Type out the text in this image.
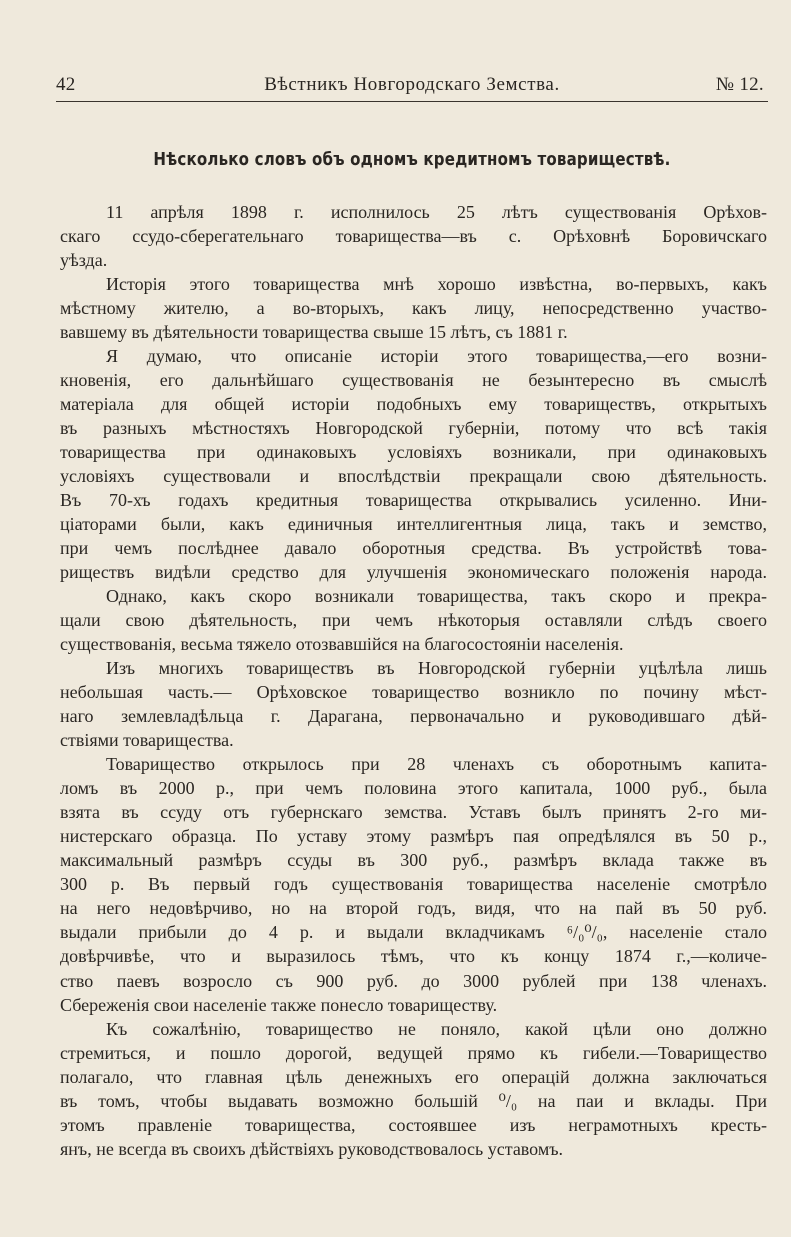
42	Вѣстникъ Новгородскаго Земства.	№ 12.
Нѣсколько словъ объ одномъ кредитномъ товариществѣ.
11 апрѣля 1898 г. исполнилось 25 лѣтъ существованія Орѣхов-
скаго ссудо-сберегательнаго товарищества—въ с. Орѣховнѣ Боровичскаго
уѣзда.
Исторія этого товарищества мнѣ хорошо извѣстна, во-первыхъ, какъ
мѣстному жителю, а во-вторыхъ, какъ лицу, непосредственно участво-
вавшему въ дѣятельности товарищества свыше 15 лѣтъ, съ 1881 г.
Я думаю, что описаніе исторіи этого товарищества,—его возни-
кновенія, его дальнѣйшаго существованія не безынтересно въ смыслѣ
матеріала для общей исторіи подобныхъ ему товариществъ, открытыхъ
въ разныхъ мѣстностяхъ Новгородской губерніи, потому что всѣ такія
товарищества при одинаковыхъ условіяхъ возникали, при одинаковыхъ
условіяхъ существовали и впослѣдствіи прекращали свою дѣятельность.
Въ 70-хъ годахъ кредитныя товарищества открывались усиленно. Ини-
ціаторами были, какъ единичныя интеллигентныя лица, такъ и земство,
при чемъ послѣднее давало оборотныя средства. Въ устройствѣ това-
риществъ видѣли средство для улучшенія экономическаго положенія народа.
Однако, какъ скоро возникали товарищества, такъ скоро и прекра-
щали свою дѣятельность, при чемъ нѣкоторыя оставляли слѣдъ своего
существованія, весьма тяжело отозвавшійся на благосостояніи населенія.
Изъ многихъ товариществъ въ Новгородской губерніи уцѣлѣла лишь
небольшая часть.— Орѣховское товарищество возникло по почину мѣст-
наго землевладѣльца г. Дарагана, первоначально и руководившаго дѣй-
ствіями товарищества.
Товарищество открылось при 28 членахъ съ оборотнымъ капита-
ломъ въ 2000 р., при чемъ половина этого капитала, 1000 руб., была
взята въ ссуду отъ губернскаго земства. Уставъ былъ принятъ 2-го ми-
нистерскаго образца. По уставу этому размѣръ пая опредѣлялся въ 50 р.,
максимальный размѣръ ссуды въ 300 руб., размѣръ вклада также въ
300 р. Въ первый годъ существованія товарищества населеніе смотрѣло
на него недовѣрчиво, но на второй годъ, видя, что на пай въ 50 руб.
выдали прибыли до 4 р. и выдали вкладчикамъ ⁶/₀⁰/₀, населеніе стало
довѣрчивѣе, что и выразилось тѣмъ, что къ концу 1874 г.,—количе-
ство паевъ возросло съ 900 руб. до 3000 рублей при 138 членахъ.
Сбереженія свои населеніе также понесло товариществу.
Къ сожалѣнію, товарищество не поняло, какой цѣли оно должно
стремиться, и пошло дорогой, ведущей прямо къ гибели.—Товарищество
полагало, что главная цѣль денежныхъ его операцій должна заключаться
въ томъ, чтобы выдавать возможно большій ⁰/₀ на паи и вклады. При
этомъ правленіе товарищества, состоявшее изъ неграмотныхъ кресть-
янъ, не всегда въ своихъ дѣйствіяхъ руководствовалось уставомъ.
